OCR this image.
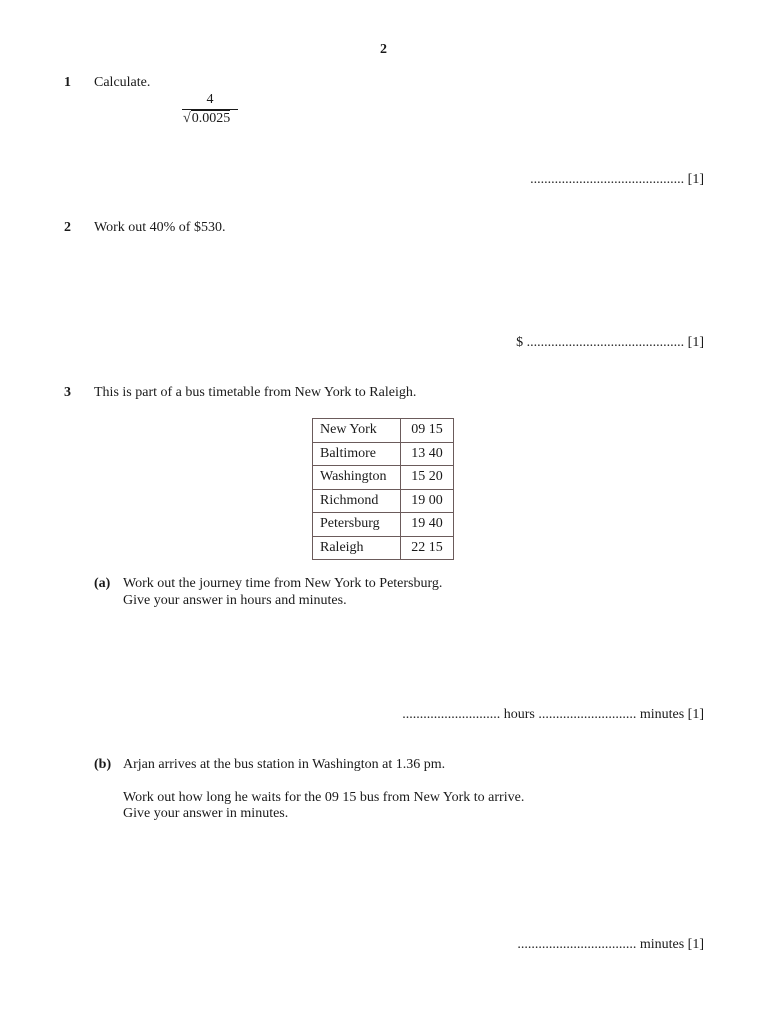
2
1 Calculate.
4
√0.0025
............................................ [1]
2 Work out 40% of $530.
$ ............................................. [1]
3 This is part of a bus timetable from New York to Raleigh.
New York	09 15
Baltimore	13 40
Washington	15 20
Richmond	19 00
Petersburg	19 40
Raleigh	22 15
(a) Work out the journey time from New York to Petersburg.
Give your answer in hours and minutes.
............................ hours ............................ minutes [1]
(b) Arjan arrives at the bus station in Washington at 1.36 pm.
Work out how long he waits for the 09 15 bus from New York to arrive.
Give your answer in minutes.
.................................. minutes [1]
